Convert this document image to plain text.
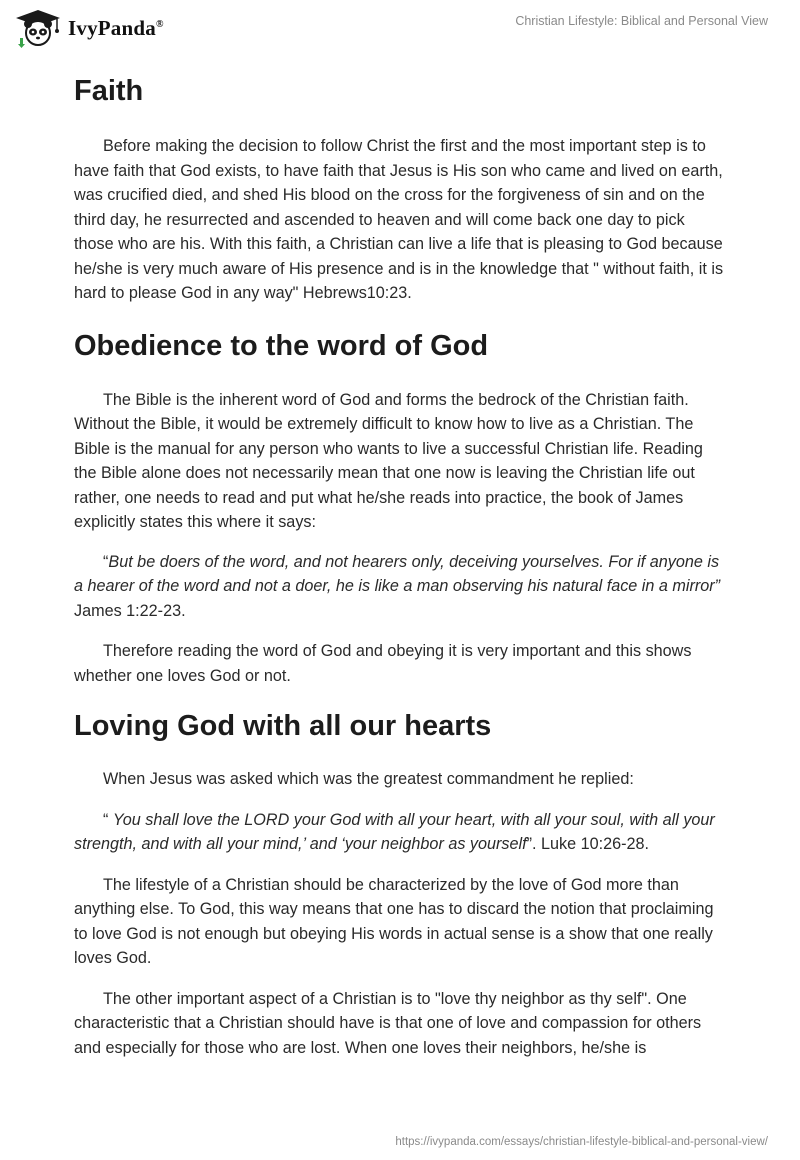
IvyPanda®	Christian Lifestyle: Biblical and Personal View
Faith

Before making the decision to follow Christ the first and the most important step is to have faith that God exists, to have faith that Jesus is His son who came and lived on earth, was crucified died, and shed His blood on the cross for the forgiveness of sin and on the third day, he resurrected and ascended to heaven and will come back one day to pick those who are his. With this faith, a Christian can live a life that is pleasing to God because he/she is very much aware of His presence and is in the knowledge that " without faith, it is hard to please God in any way" Hebrews10:23.

Obedience to the word of God

The Bible is the inherent word of God and forms the bedrock of the Christian faith. Without the Bible, it would be extremely difficult to know how to live as a Christian. The Bible is the manual for any person who wants to live a successful Christian life. Reading the Bible alone does not necessarily mean that one now is leaving the Christian life out rather, one needs to read and put what he/she reads into practice, the book of James explicitly states this where it says:

“But be doers of the word, and not hearers only, deceiving yourselves. For if anyone is a hearer of the word and not a doer, he is like a man observing his natural face in a mirror” James 1:22-23.

Therefore reading the word of God and obeying it is very important and this shows whether one loves God or not.

Loving God with all our hearts

When Jesus was asked which was the greatest commandment he replied:

“ You shall love the LORD your God with all your heart, with all your soul, with all your strength, and with all your mind,’ and ‘your neighbor as yourself”. Luke 10:26-28.

The lifestyle of a Christian should be characterized by the love of God more than anything else. To God, this way means that one has to discard the notion that proclaiming to love God is not enough but obeying His words in actual sense is a show that one really loves God.

The other important aspect of a Christian is to "love thy neighbor as thy self". One characteristic that a Christian should have is that one of love and compassion for others and especially for those who are lost. When one loves their neighbors, he/she is

https://ivypanda.com/essays/christian-lifestyle-biblical-and-personal-view/
